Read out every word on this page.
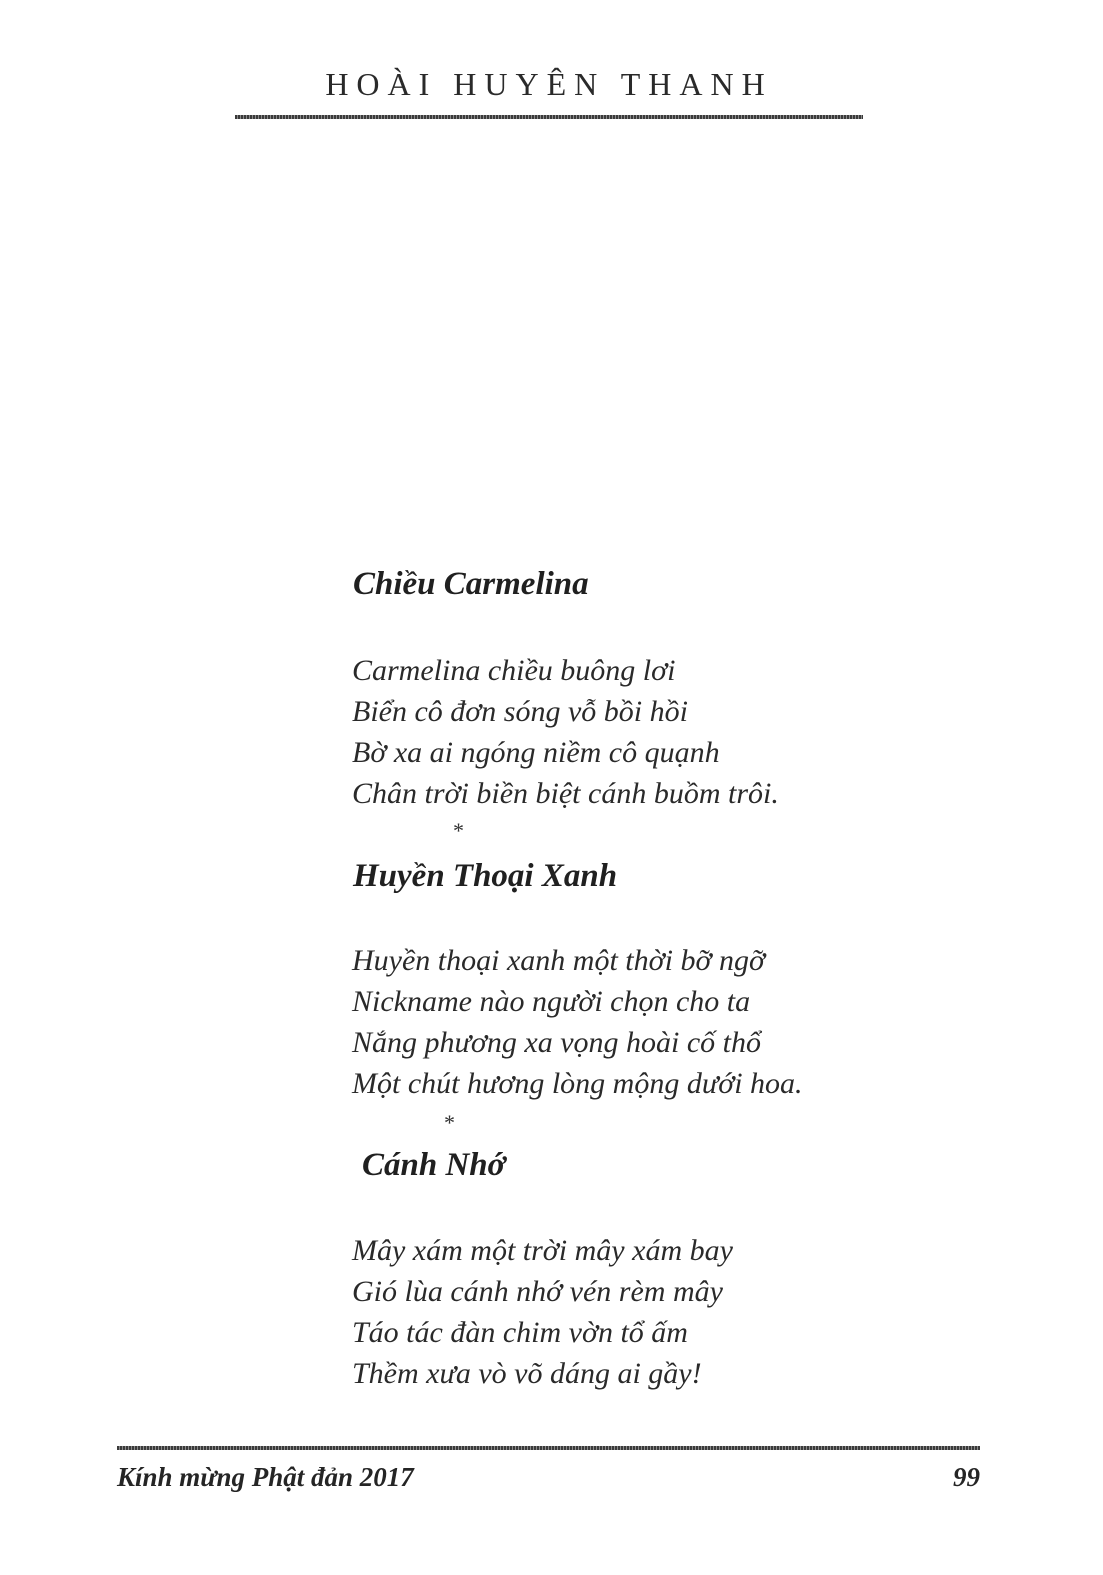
HOÀI HUYÊN THANH
Chiều Carmelina
Carmelina chiều buông lơi
Biển cô đơn sóng vỗ bồi hồi
Bờ xa ai ngóng niềm cô quạnh
Chân trời biền biệt cánh buồm trôi.
*
Huyền Thoại Xanh
Huyền thoại xanh một thời bỡ ngỡ
Nickname nào người chọn cho ta
Nắng phương xa vọng hoài cố thổ
Một chút hương lòng mộng dưới hoa.
*
Cánh Nhớ
Mây xám một trời mây xám bay
Gió lùa cánh nhớ vén rèm mây
Táo tác đàn chim vờn tổ ấm
Thềm xưa vò võ dáng ai gầy!
Kính mừng Phật đản 2017	99
